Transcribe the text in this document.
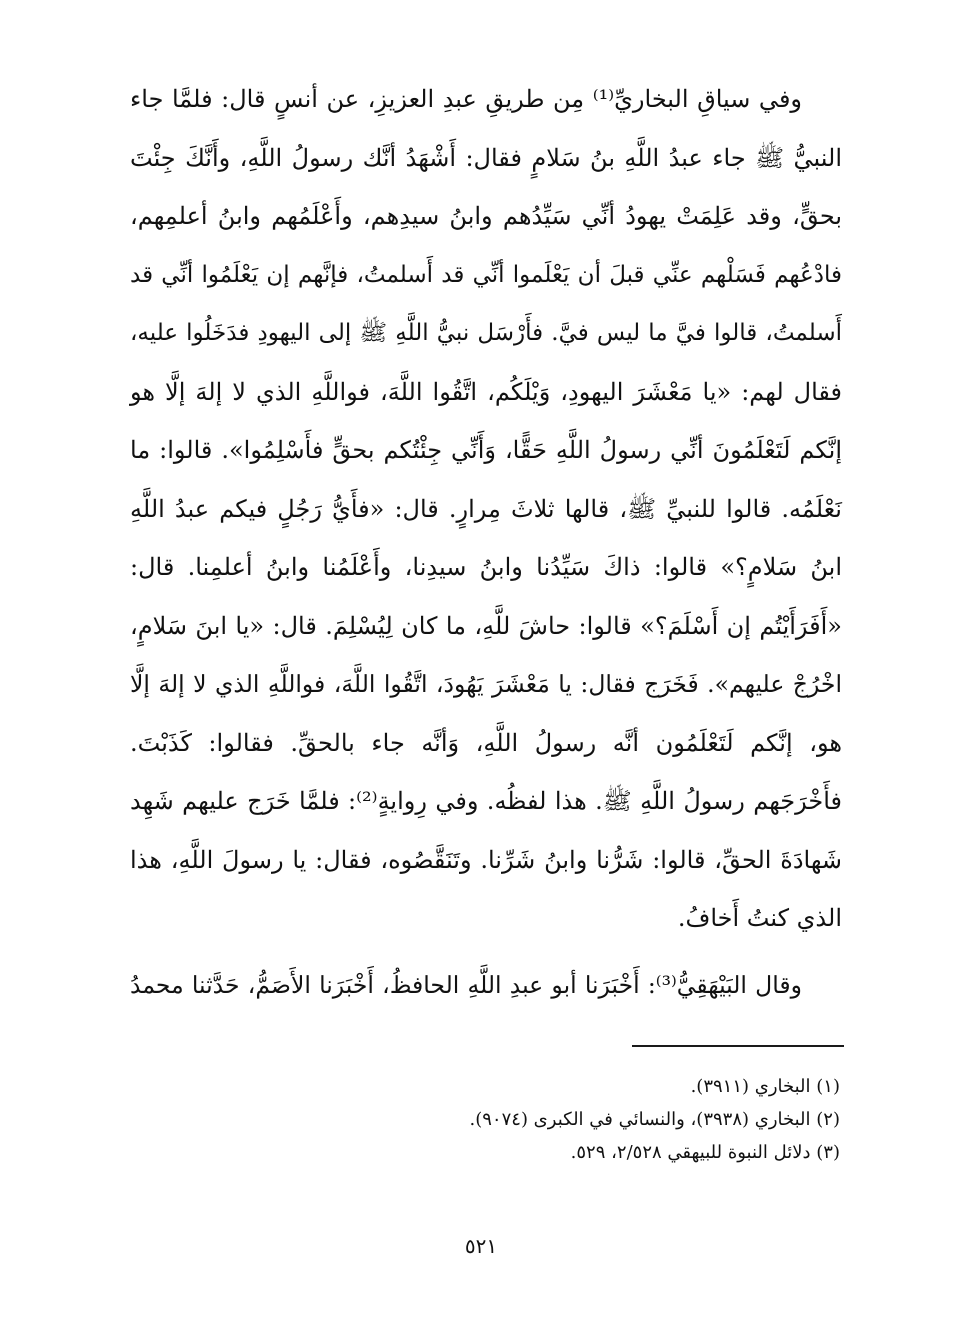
وفي سياقِ البخاريِّ⁽¹⁾ مِن طريقِ عبدِ العزيزِ، عن أنسٍ قال: فلمَّا جاء
النبيُّ ﷺ جاء عبدُ اللَّهِ بنُ سَلامٍ فقال: أَشْهَدُ أنَّك رسولُ اللَّهِ، وأَنَّكَ جِئْتَ
بحقٍّ، وقد عَلِمَتْ يهودُ أنِّي سَيِّدُهم وابنُ سيدِهم، وأَعْلَمُهم وابنُ أعلمِهم،
فادْعُهم فَسَلْهم عنِّي قبلَ أن يَعْلَموا أنِّي قد أَسلمتُ، فإنَّهم إن يَعْلَمُوا أنِّي قد
أَسلمتُ، قالوا فيَّ ما ليس فيَّ. فأَرْسَل نبيُّ اللَّهِ ﷺ إلى اليهودِ فدَخَلُوا عليه،
فقال لهم: «يا مَعْشَرَ اليهودِ، وَيْلَكُم، اتَّقُوا اللَّهَ، فواللَّهِ الذي لا إلهَ إلَّا هو
إنَّكم لَتَعْلَمُونَ أنِّي رسولُ اللَّهِ حَقًّا، وَأَنِّي جِئْتُكم بحقٍّ فأَسْلِمُوا». قالوا: ما
نَعْلَمُه. قالوا للنبيِّ ﷺ، قالها ثلاثَ مِرارٍ. قال: «فأَيُّ رَجُلٍ فيكم عبدُ اللَّهِ
ابنُ سَلامٍ؟» قالوا: ذاكَ سَيِّدُنا وابنُ سيدِنا، وأَعْلَمُنا وابنُ أعلمِنا. قال:
«أَفَرَأَيْتُم إن أَسْلَمَ؟» قالوا: حاشَ للَّهِ، ما كان لِيُسْلِمَ. قال: «يا ابنَ سَلامٍ،
اخْرُجْ عليهم». فَخَرَج فقال: يا مَعْشَرَ يَهُودَ، اتَّقُوا اللَّهَ، فواللَّهِ الذي لا إلهَ إلَّا
هو، إنَّكم لَتَعْلَمُون أنَّه رسولُ اللَّهِ، وَأنَّه جاء بالحقِّ. فقالوا: كَذَبْتَ.
فأَخْرَجَهم رسولُ اللَّهِ ﷺ. هذا لفظُه. وفي رِوايةٍ⁽²⁾: فلمَّا خَرَج عليهم شَهِد
شَهادَةَ الحقِّ، قالوا: شَرُّنا وابنُ شَرِّنا. وتَنَقَّصُوه، فقال: يا رسولَ اللَّهِ، هذا
الذي كنتُ أَخافُ.
وقال البَيْهَقِيُّ⁽³⁾: أَخْبَرَنا أبو عبدِ اللَّهِ الحافظُ، أَخْبَرَنا الأَصَمُّ، حَدَّثنا محمدُ
(١) البخاري (٣٩١١).
(٢) البخاري (٣٩٣٨)، والنسائي في الكبرى (٩٠٧٤).
(٣) دلائل النبوة للبيهقي ٢/٥٢٨، ٥٢٩.
٥٢١
